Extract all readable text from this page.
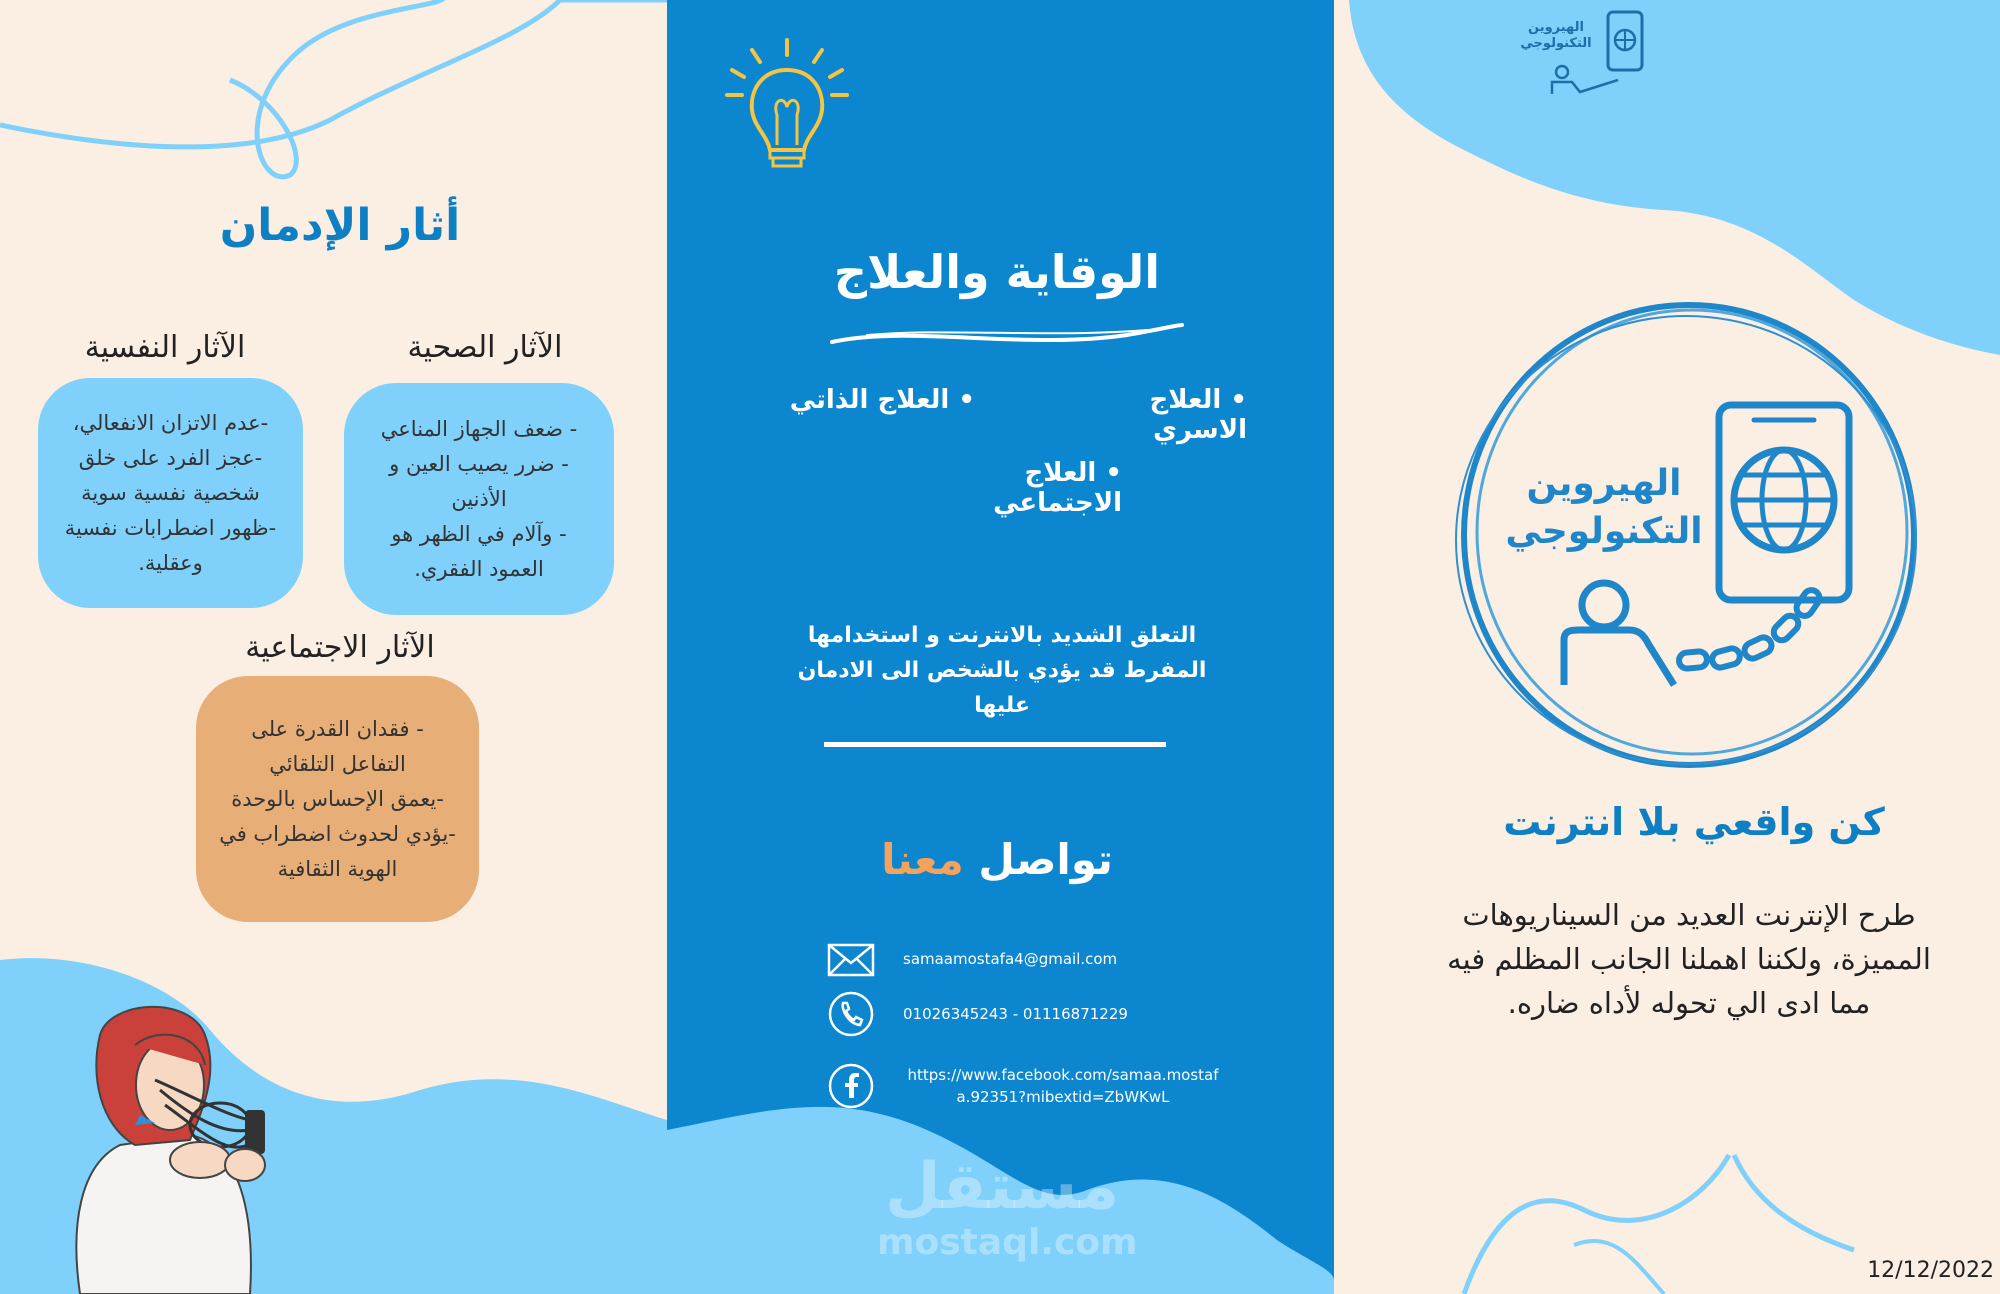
أثار الإدمان
الآثار الصحية
الآثار النفسية
- ضعف الجهاز المناعي
- ضرر يصيب العين و الأذنين
- وآلام في الظهر هو العمود الفقري.
-عدم الاتزان الانفعالي،
-عجز الفرد على خلق شخصية نفسية سوية
-ظهور اضطرابات نفسية وعقلية.
الآثار الاجتماعية
- فقدان القدرة على التفاعل التلقائي
-يعمق الإحساس بالوحدة
-يؤدي لحدوث اضطراب في الهوية الثقافية
الوقاية والعلاج
• العلاج الاسري
• العلاج الذاتي
• العلاج الاجتماعي
التعلق الشديد بالانترنت و استخدامها المفرط قد يؤدي بالشخص الى الادمان عليها
تواصل معنا
samaamostafa4@gmail.com
01026345243 - 01116871229
https://www.facebook.com/samaa.mostafa.92351?mibextid=ZbWKwL
مستقل
mostaql.com
الهيروين التكنولوجي
الهيروين التكنولوجي
كن واقعي بلا انترنت
طرح الإنترنت العديد من السيناريوهات المميزة، ولكننا اهملنا الجانب المظلم فيه مما ادى الي تحوله لأداه ضاره.
12/12/2022
